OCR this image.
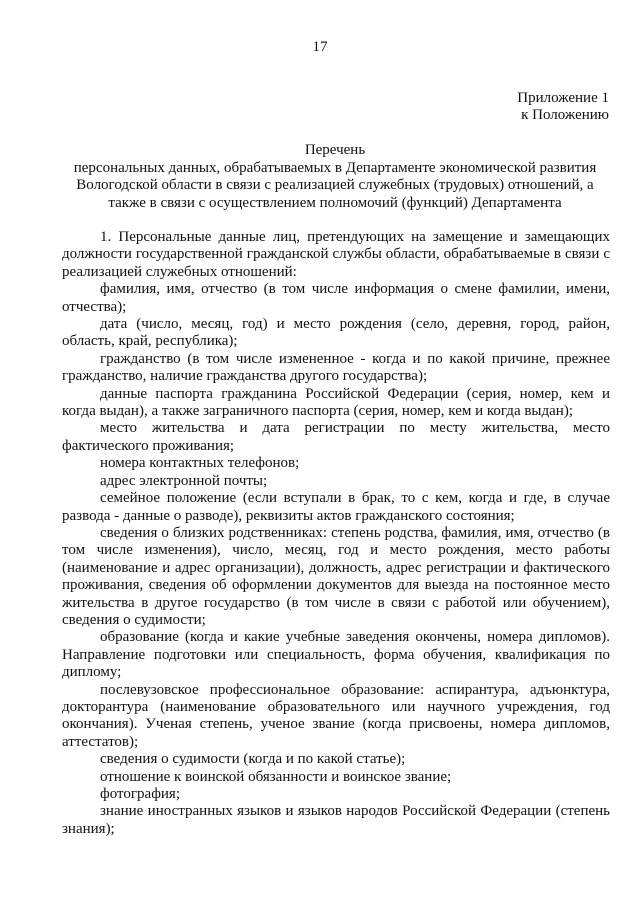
17
Приложение 1
к Положению
Перечень
персональных данных, обрабатываемых в Департаменте экономической развития
Вологодской области в связи с реализацией служебных (трудовых) отношений, а
также в связи с осуществлением полномочий (функций) Департамента

1. Персональные данные лиц, претендующих на замещение и замещающих должности государственной гражданской службы области, обрабатываемые в связи с реализацией служебных отношений:

фамилия, имя, отчество (в том числе информация о смене фамилии, имени, отчества);

дата (число, месяц, год) и место рождения (село, деревня, город, район, область, край, республика);

гражданство (в том числе измененное - когда и по какой причине, прежнее гражданство, наличие гражданства другого государства);

данные паспорта гражданина Российской Федерации (серия, номер, кем и когда выдан), а также заграничного паспорта (серия, номер, кем и когда выдан);

место жительства и дата регистрации по месту жительства, место фактического проживания;

номера контактных телефонов;

адрес электронной почты;

семейное положение (если вступали в брак, то с кем, когда и где, в случае развода - данные о разводе), реквизиты актов гражданского состояния;

сведения о близких родственниках: степень родства, фамилия, имя, отчество (в том числе изменения), число, месяц, год и место рождения, место работы (наименование и адрес организации), должность, адрес регистрации и фактического проживания, сведения об оформлении документов для выезда на постоянное место жительства в другое государство (в том числе в связи с работой или обучением), сведения о судимости;

образование (когда и какие учебные заведения окончены, номера дипломов). Направление подготовки или специальность, форма обучения, квалификация по диплому;

послевузовское профессиональное образование: аспирантура, адъюнктура, докторантура (наименование образовательного или научного учреждения, год окончания). Ученая степень, ученое звание (когда присвоены, номера дипломов, аттестатов);

сведения о судимости (когда и по какой статье);

отношение к воинской обязанности и воинское звание;

фотография;

знание иностранных языков и языков народов Российской Федерации (степень знания);
